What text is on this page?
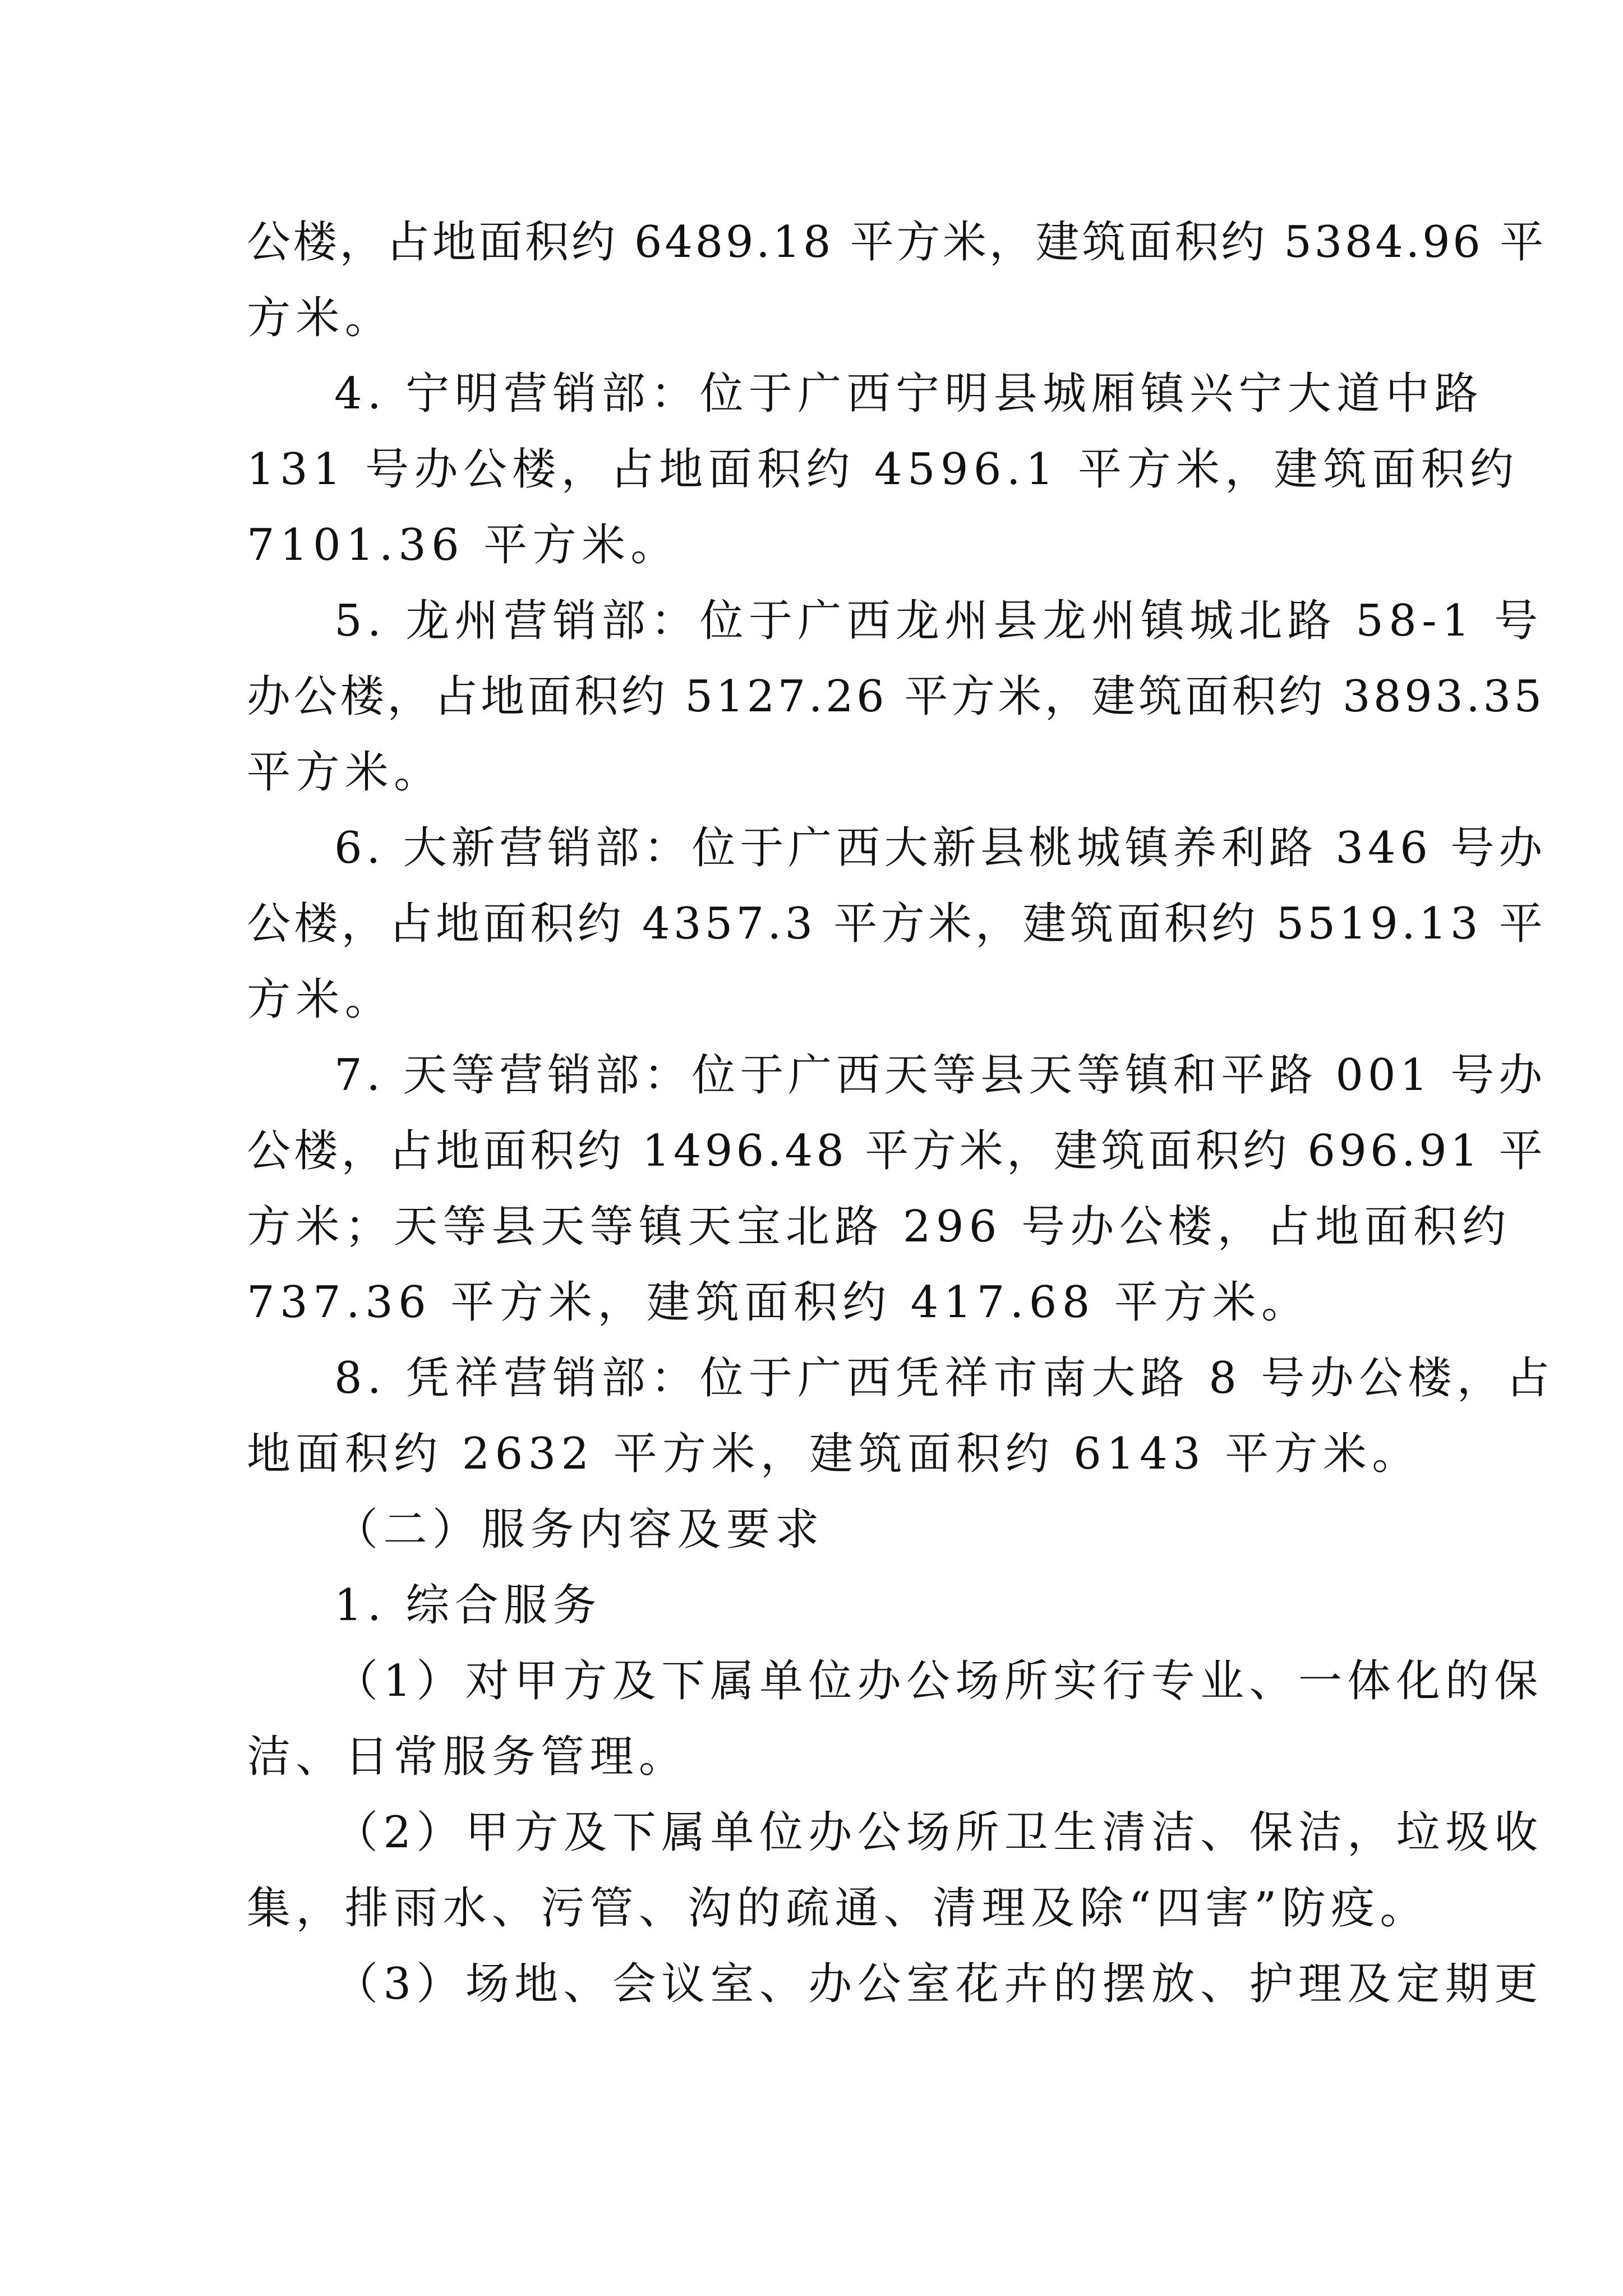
公楼，占地面积约 6489.18 平方米，建筑面积约 5384.96 平
方米。
4. 宁明营销部：位于广西宁明县城厢镇兴宁大道中路
131 号办公楼，占地面积约 4596.1 平方米，建筑面积约
7101.36 平方米。
5. 龙州营销部：位于广西龙州县龙州镇城北路 58-1 号
办公楼，占地面积约 5127.26 平方米，建筑面积约 3893.35
平方米。
6. 大新营销部：位于广西大新县桃城镇养利路 346 号办
公楼，占地面积约 4357.3 平方米，建筑面积约 5519.13 平
方米。
7. 天等营销部：位于广西天等县天等镇和平路 001 号办
公楼，占地面积约 1496.48 平方米，建筑面积约 696.91 平
方米；天等县天等镇天宝北路 296 号办公楼，占地面积约
737.36 平方米，建筑面积约 417.68 平方米。
8. 凭祥营销部：位于广西凭祥市南大路 8 号办公楼，占
地面积约 2632 平方米，建筑面积约 6143 平方米。
（二）服务内容及要求
1. 综合服务
（1）对甲方及下属单位办公场所实行专业、一体化的保
洁、日常服务管理。
（2）甲方及下属单位办公场所卫生清洁、保洁，垃圾收
集，排雨水、污管、沟的疏通、清理及除“四害”防疫。
（3）场地、会议室、办公室花卉的摆放、护理及定期更
